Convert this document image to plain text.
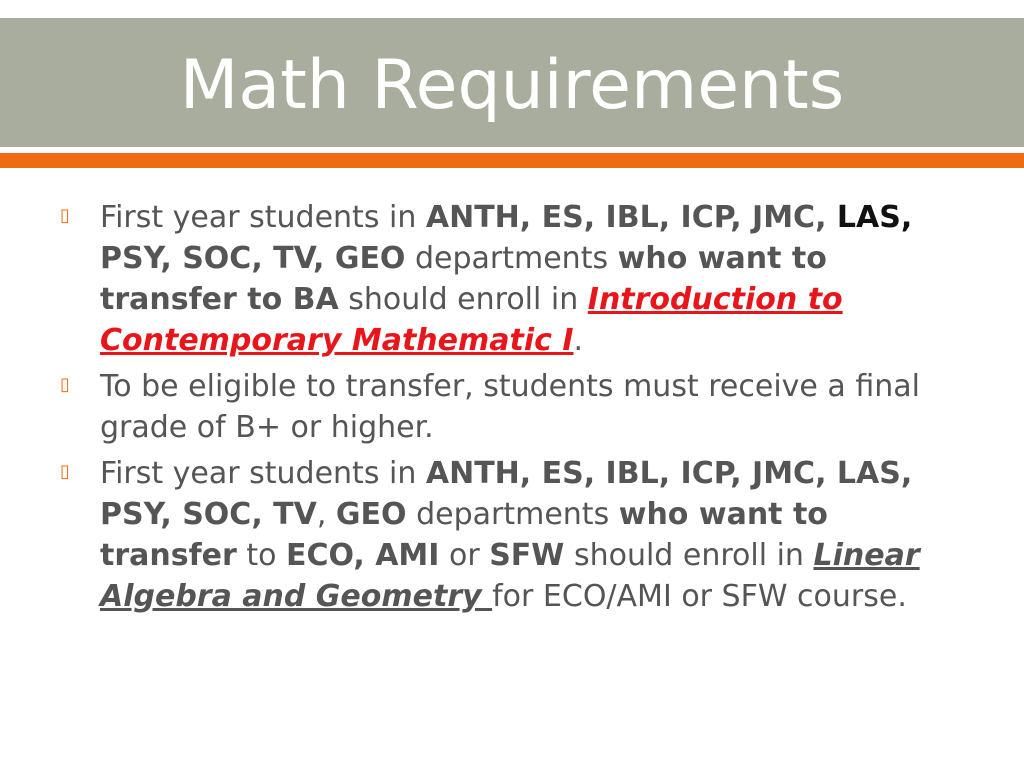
Math Requirements
▯ First year students in ANTH, ES, IBL, ICP, JMC, LAS, PSY, SOC, TV, GEO departments who want to transfer to BA should enroll in Introduction to Contemporary Mathematic I.
▯ To be eligible to transfer, students must receive a final grade of B+ or higher.
▯ First year students in ANTH, ES, IBL, ICP, JMC, LAS, PSY, SOC, TV, GEO departments who want to transfer to ECO, AMI or SFW should enroll in Linear Algebra and Geometry for ECO/AMI or SFW course.
